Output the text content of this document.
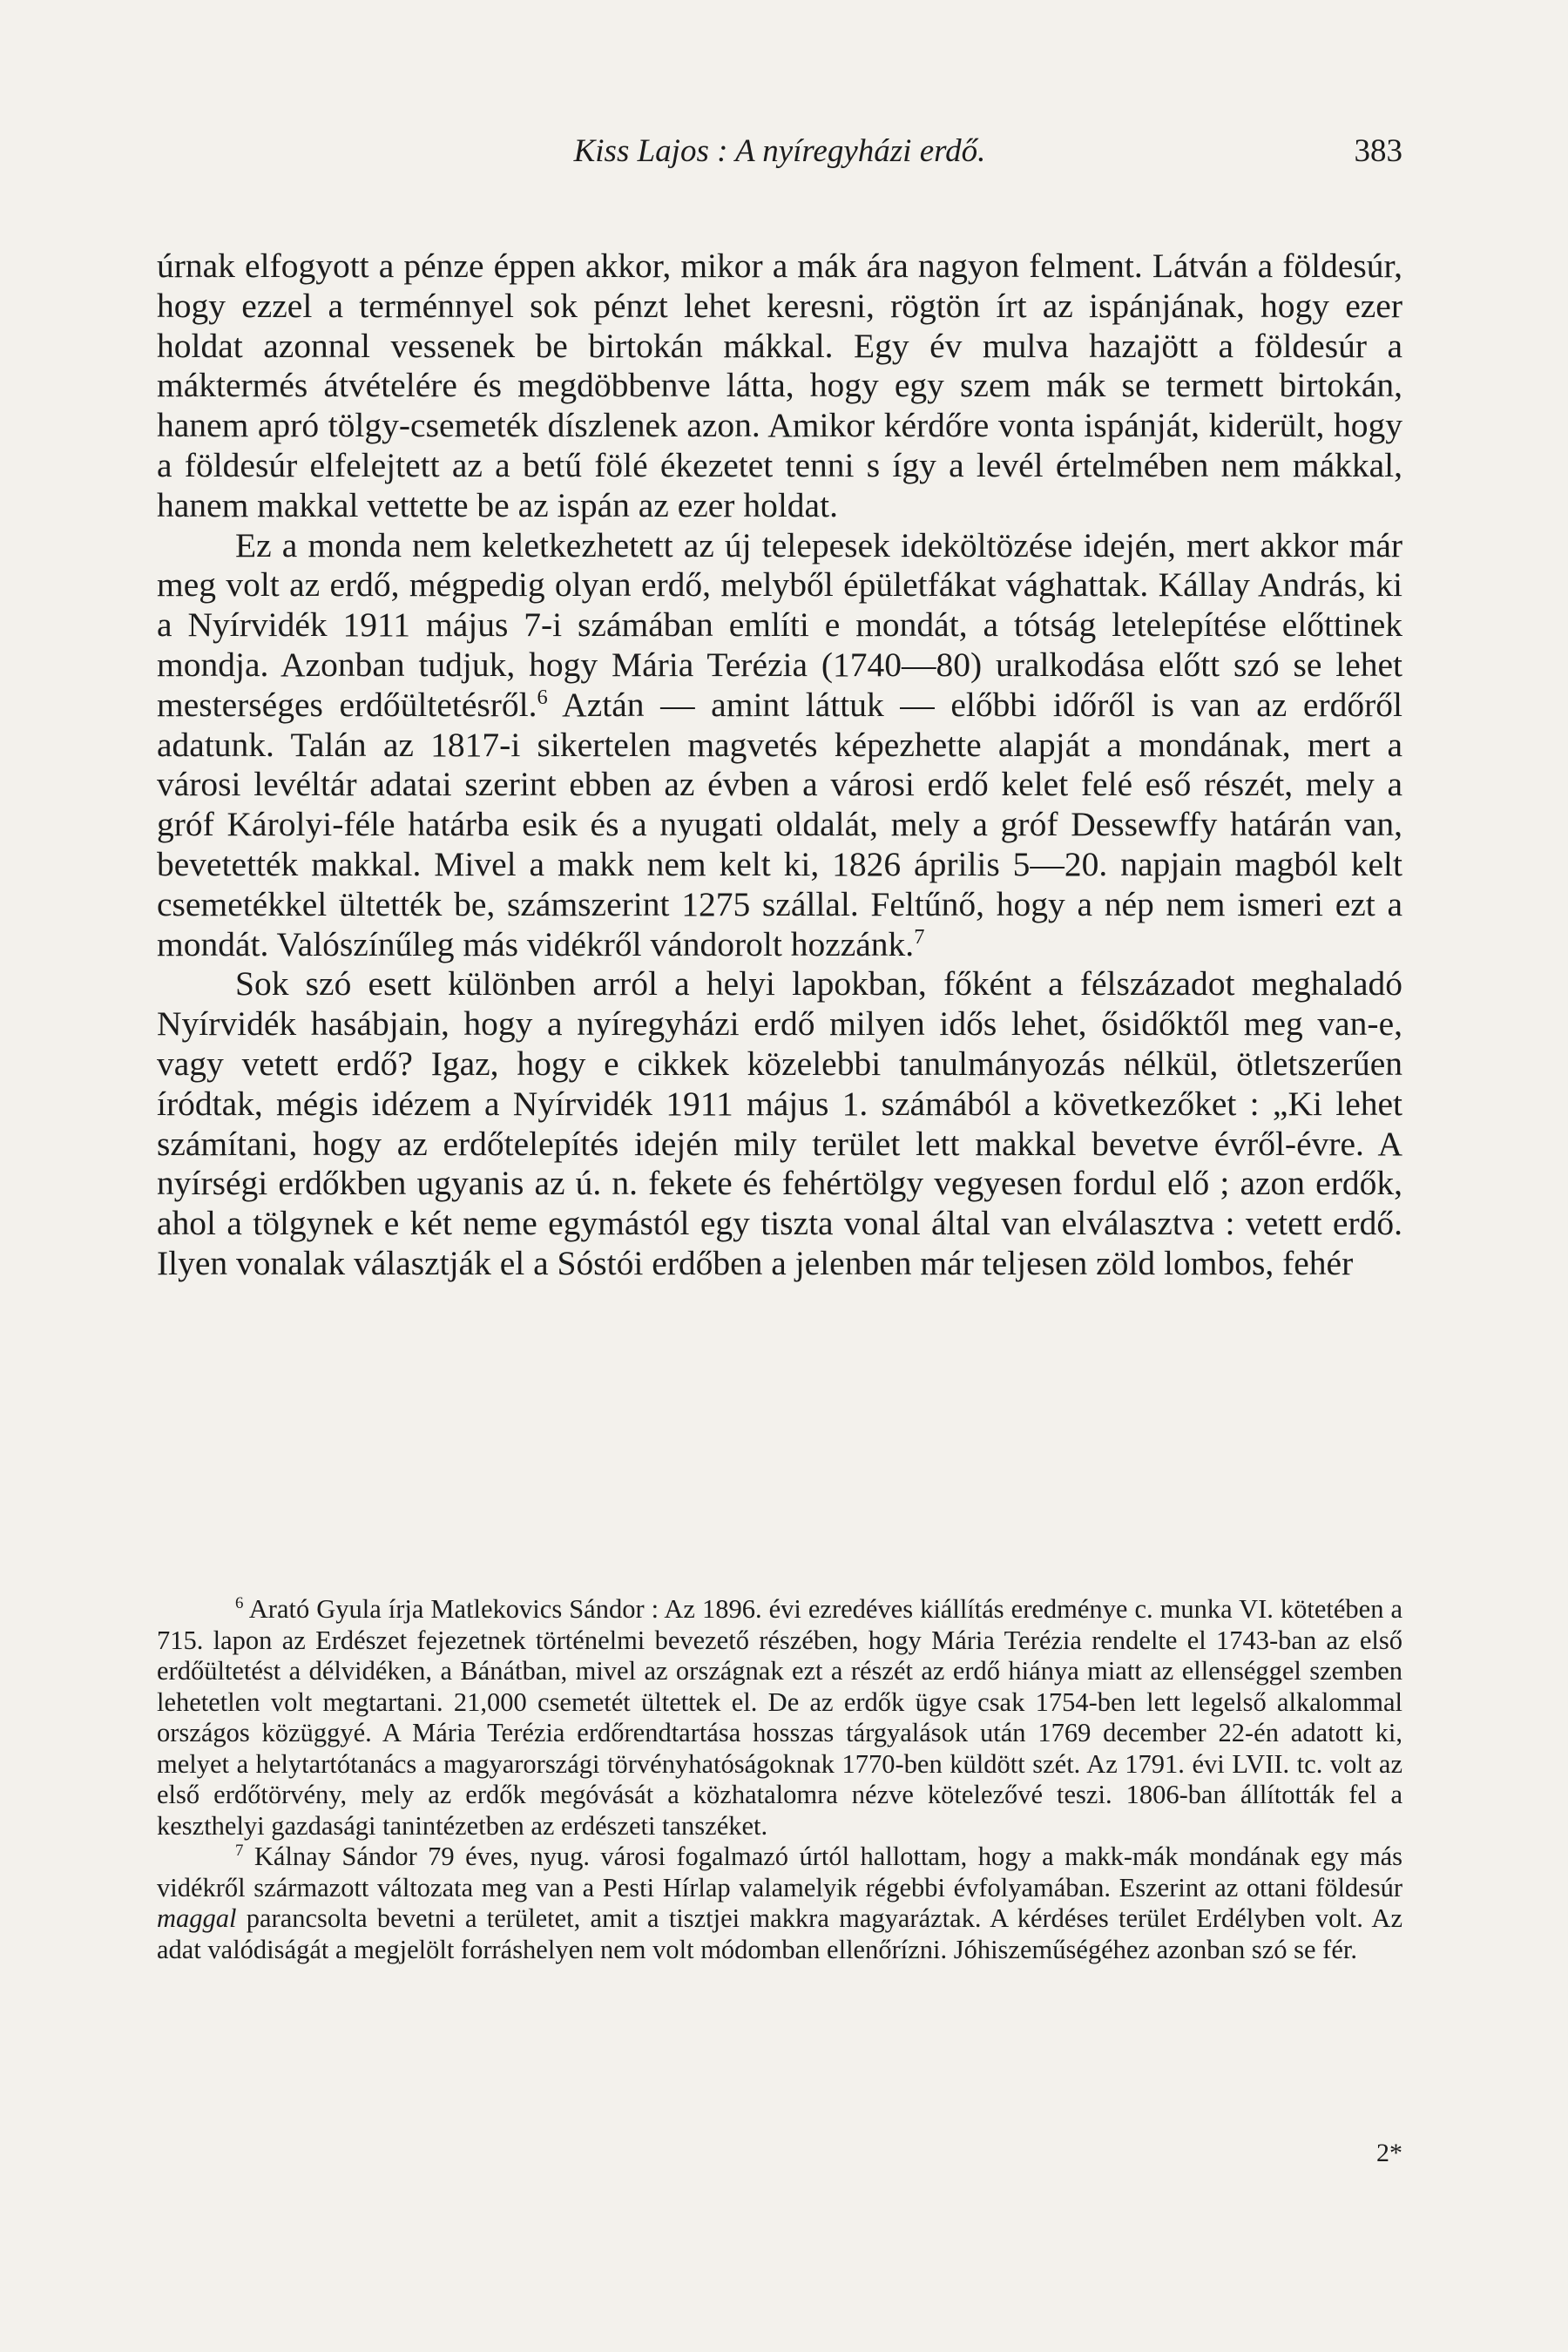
Kiss Lajos : A nyíregyházi erdő.	383

úrnak elfogyott a pénze éppen akkor, mikor a mák ára nagyon felment. Látván a földesúr, hogy ezzel a terménnyel sok pénzt lehet keresni, rögtön írt az ispánjának, hogy ezer holdat azonnal vessenek be birtokán mákkal. Egy év mulva hazajött a földesúr a máktermés átvételére és megdöbbenve látta, hogy egy szem mák se termett birtokán, hanem apró tölgy-csemeték díszlenek azon. Amikor kérdőre vonta ispánját, kiderült, hogy a földesúr elfelejtett az a betű fölé ékezetet tenni s így a levél értelmében nem mákkal, hanem makkal vettette be az ispán az ezer holdat.

Ez a monda nem keletkezhetett az új telepesek ideköltözése idején, mert akkor már meg volt az erdő, mégpedig olyan erdő, melyből épületfákat vághattak. Kállay András, ki a Nyírvidék 1911 május 7-i számában említi e mondát, a tótság letelepítése előttinek mondja. Azonban tudjuk, hogy Mária Terézia (1740—80) uralkodása előtt szó se lehet mesterséges erdőültetésről.$^6$ Aztán — amint láttuk — előbbi időről is van az erdőről adatunk. Talán az 1817-i sikertelen magvetés képezhette alapját a mondának, mert a városi levéltár adatai szerint ebben az évben a városi erdő kelet felé eső részét, mely a gróf Károlyi-féle határba esik és a nyugati oldalát, mely a gróf Dessewffy határán van, bevetették makkal. Mivel a makk nem kelt ki, 1826 április 5—20. napjain magból kelt csemetékkel ültették be, számszerint 1275 szállal. Feltűnő, hogy a nép nem ismeri ezt a mondát. Valószínűleg más vidékről vándorolt hozzánk.$^7$

Sok szó esett különben arról a helyi lapokban, főként a félszázadot meghaladó Nyírvidék hasábjain, hogy a nyíregyházi erdő milyen idős lehet, ősidőktől meg van-e, vagy vetett erdő? Igaz, hogy e cikkek közelebbi tanulmányozás nélkül, ötletszerűen íródtak, mégis idézem a Nyírvidék 1911 május 1. számából a következőket : „Ki lehet számítani, hogy az erdőtelepítés idején mily terület lett makkal bevetve évről-évre. A nyírségi erdőkben ugyanis az ú. n. fekete és fehértölgy vegyesen fordul elő ; azon erdők, ahol a tölgynek e két neme egymástól egy tiszta vonal által van elválasztva : vetett erdő. Ilyen vonalak választják el a Sóstói erdőben a jelenben már teljesen zöld lombos, fehér

$^6$ Arató Gyula írja Matlekovics Sándor : Az 1896. évi ezredéves kiállítás eredménye c. munka VI. kötetében a 715. lapon az Erdészet fejezetnek történelmi bevezető részében, hogy Mária Terézia rendelte el 1743-ban az első erdőültetést a délvidéken, a Bánátban, mivel az országnak ezt a részét az erdő hiánya miatt az ellenséggel szemben lehetetlen volt megtartani. 21,000 csemetét ültettek el. De az erdők ügye csak 1754-ben lett legelső alkalommal országos közüggyé. A Mária Terézia erdőrendtartása hosszas tárgyalások után 1769 december 22-én adatott ki, melyet a helytartótanács a magyarországi törvényhatóságoknak 1770-ben küldött szét. Az 1791. évi LVII. tc. volt az első erdőtörvény, mely az erdők megóvását a közhatalomra nézve kötelezővé teszi. 1806-ban állították fel a keszthelyi gazdasági tanintézetben az erdészeti tanszéket.

$^7$ Kálnay Sándor 79 éves, nyug. városi fogalmazó úrtól hallottam, hogy a makk-mák mondának egy más vidékről származott változata meg van a Pesti Hírlap valamelyik régebbi évfolyamában. Eszerint az ottani földesúr maggal parancsolta bevetni a területet, amit a tisztjei makkra magyaráztak. A kérdéses terület Erdélyben volt. Az adat valódiságát a megjelölt forráshelyen nem volt módomban ellenőrízni. Jóhiszeműségéhez azonban szó se fér.

2*
